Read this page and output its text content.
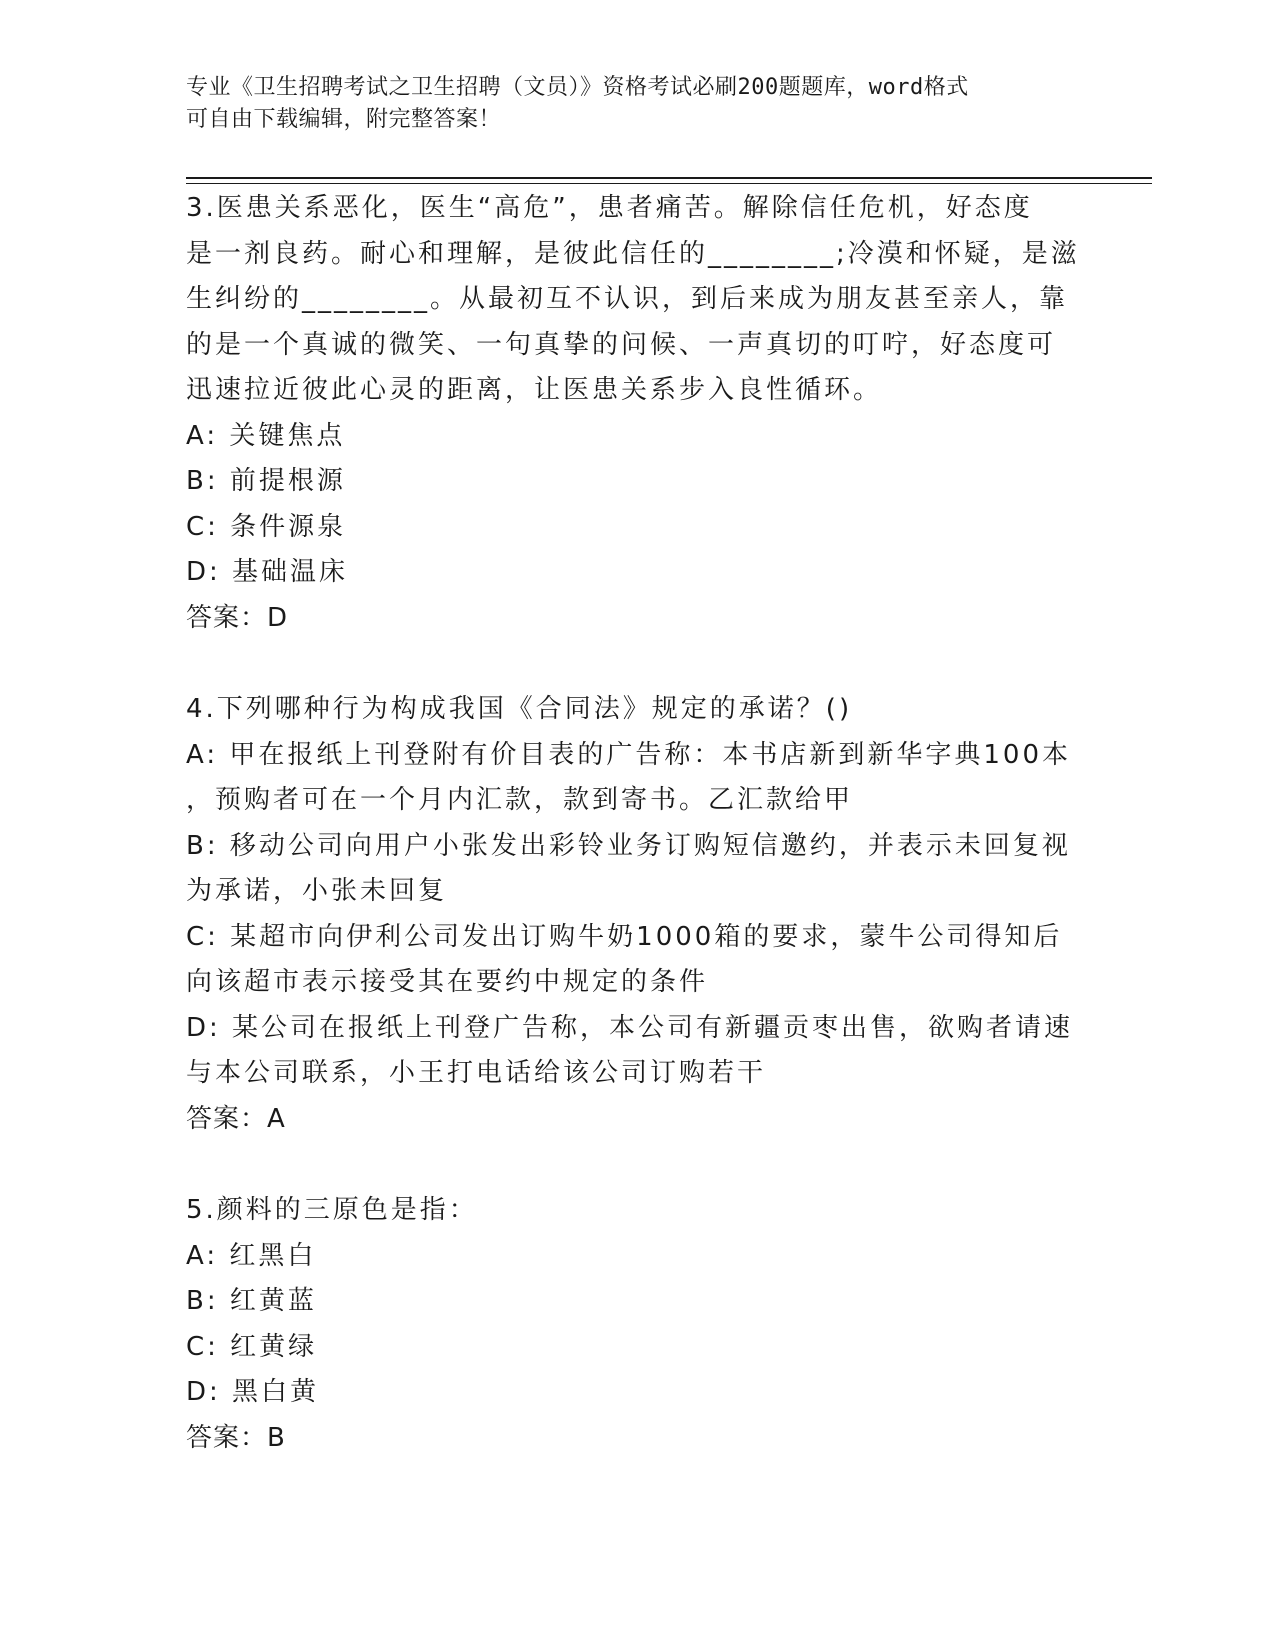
专业《卫生招聘考试之卫生招聘（文员）》资格考试必刷200题题库，word格式
可自由下载编辑，附完整答案！
3.医患关系恶化，医生“高危”，患者痛苦。解除信任危机，好态度
是一剂良药。耐心和理解，是彼此信任的________;冷漠和怀疑，是滋
生纠纷的________。从最初互不认识，到后来成为朋友甚至亲人，靠
的是一个真诚的微笑、一句真挚的问候、一声真切的叮咛，好态度可
迅速拉近彼此心灵的距离，让医患关系步入良性循环。
A: 关键焦点
B: 前提根源
C: 条件源泉
D: 基础温床
答案：D
4.下列哪种行为构成我国《合同法》规定的承诺？()
A: 甲在报纸上刊登附有价目表的广告称：本书店新到新华字典100本
，预购者可在一个月内汇款，款到寄书。乙汇款给甲
B: 移动公司向用户小张发出彩铃业务订购短信邀约，并表示未回复视
为承诺，小张未回复
C: 某超市向伊利公司发出订购牛奶1000箱的要求，蒙牛公司得知后
向该超市表示接受其在要约中规定的条件
D: 某公司在报纸上刊登广告称，本公司有新疆贡枣出售，欲购者请速
与本公司联系，小王打电话给该公司订购若干
答案：A
5.颜料的三原色是指：
A: 红黑白
B: 红黄蓝
C: 红黄绿
D: 黑白黄
答案：B
